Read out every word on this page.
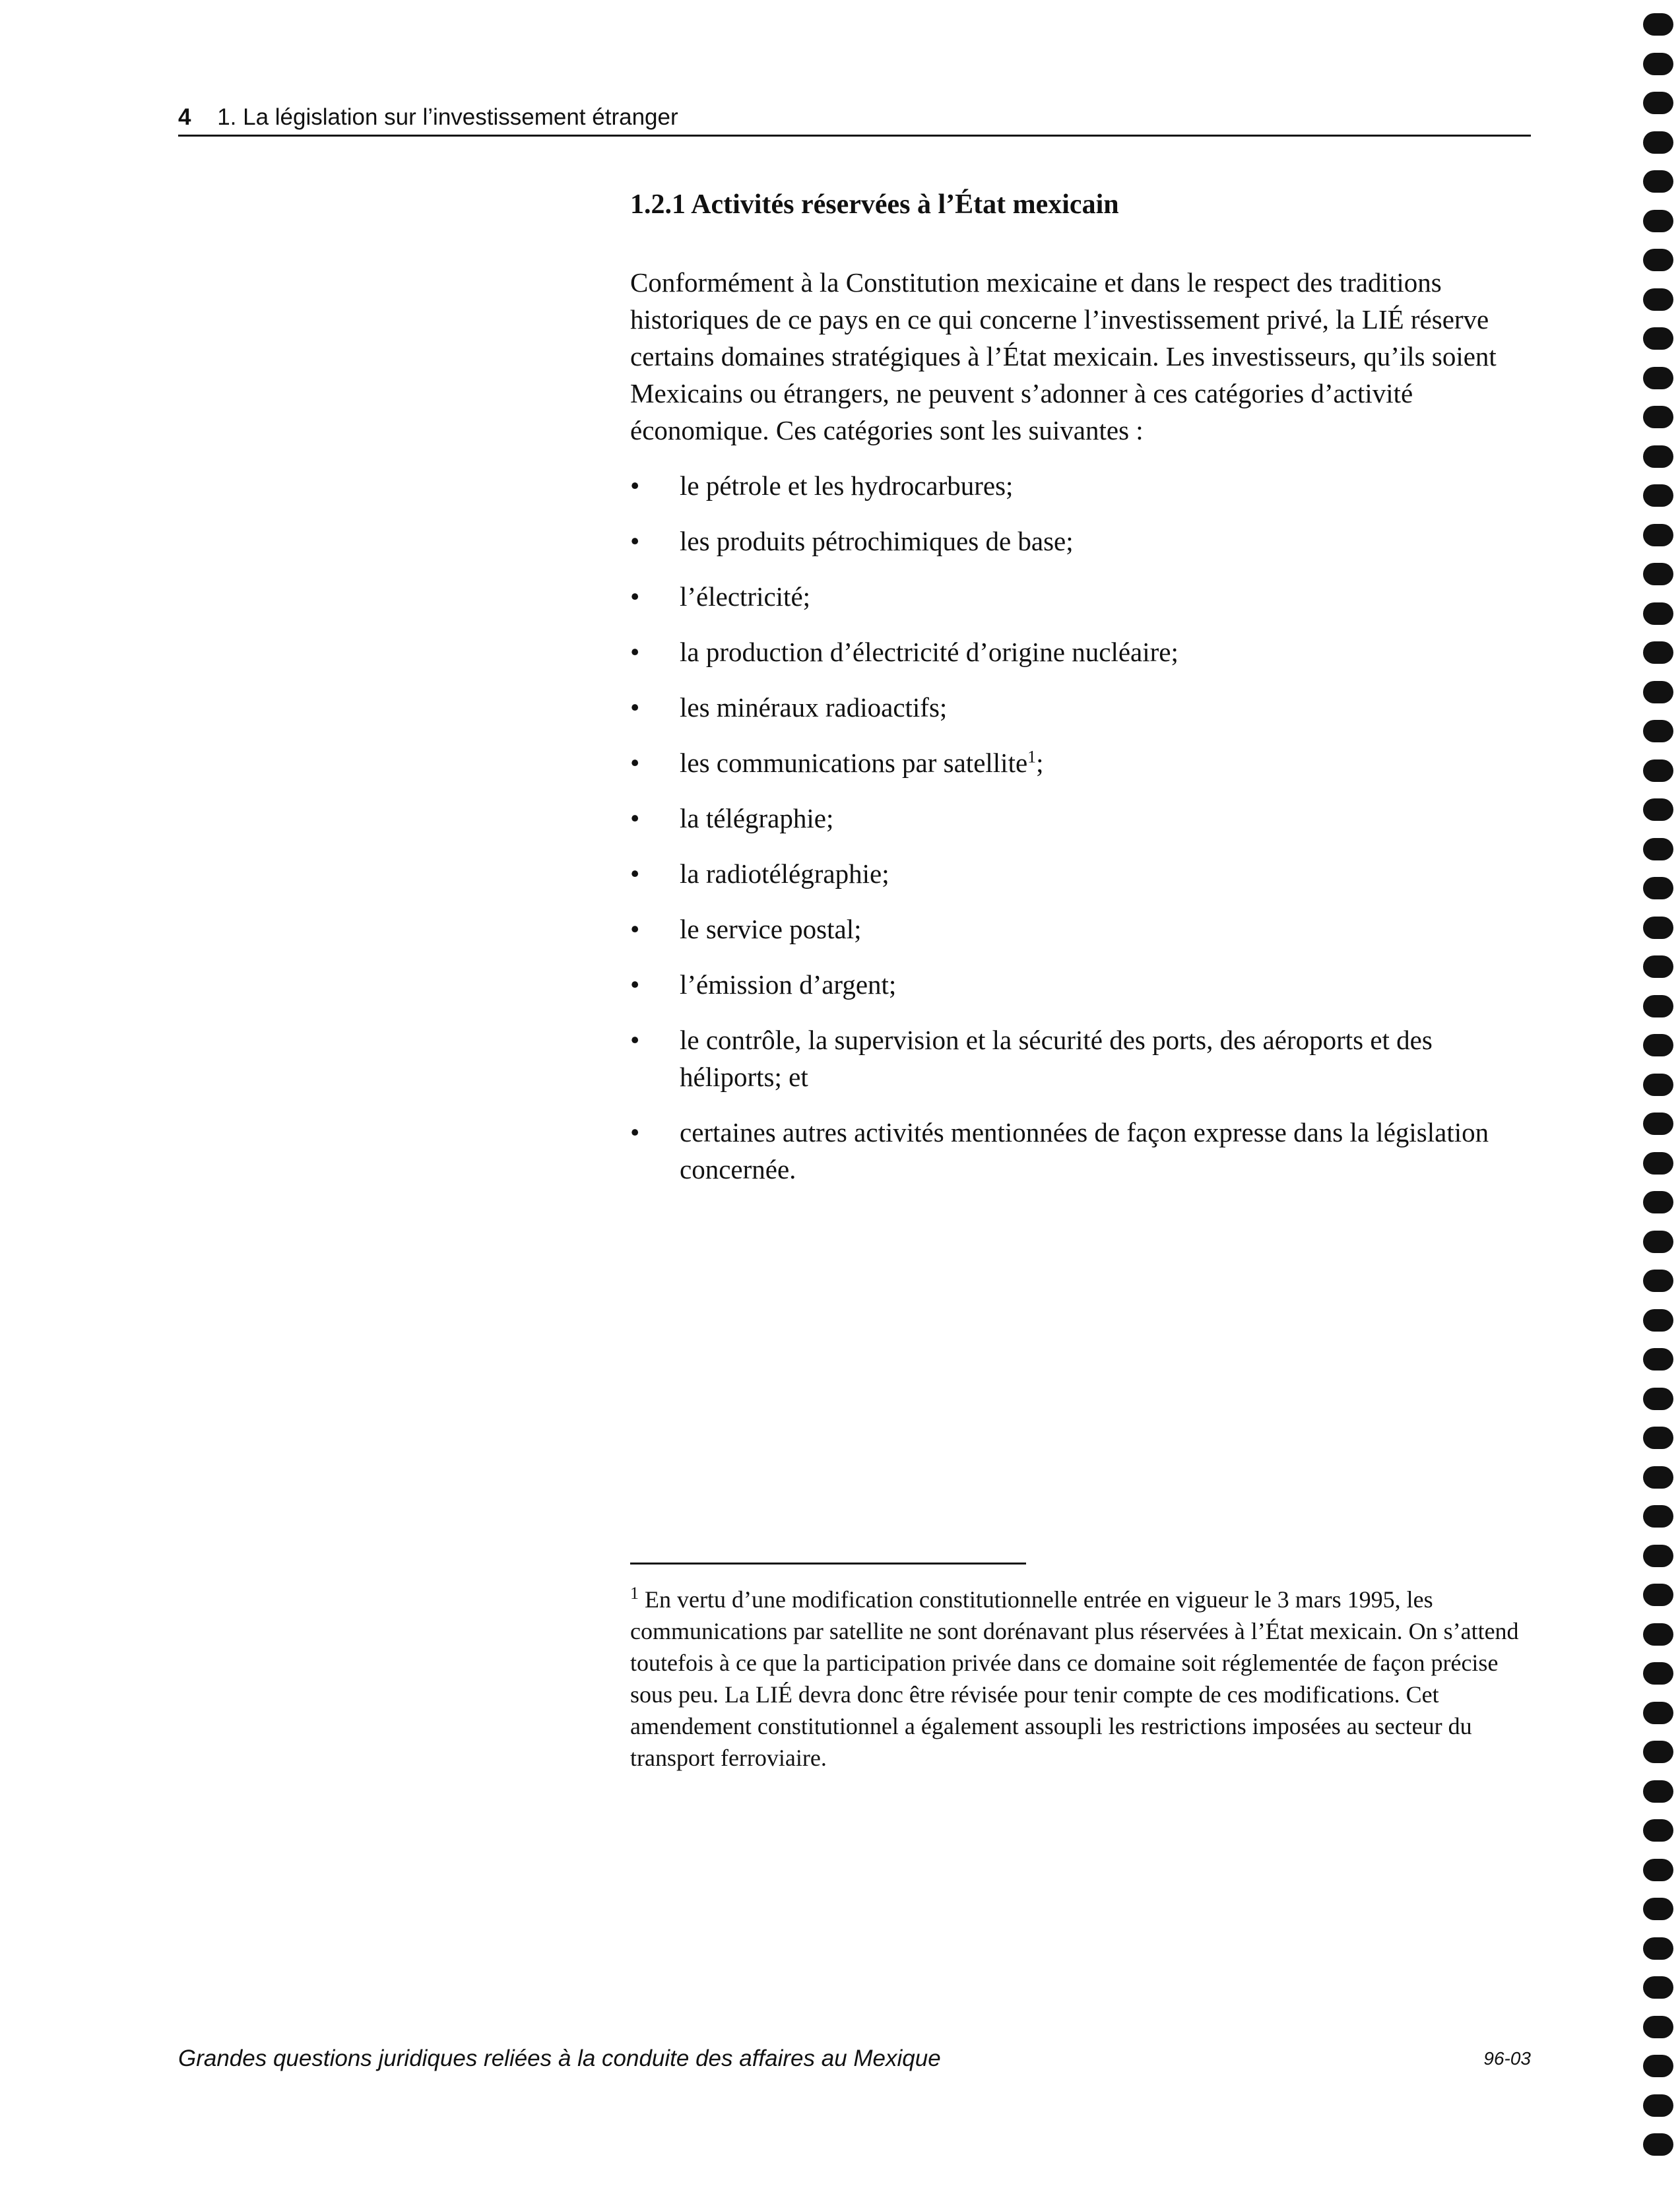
4 1. La législation sur l’investissement étranger
1.2.1 Activités réservées à l’État mexicain

Conformément à la Constitution mexicaine et dans le respect des traditions historiques de ce pays en ce qui concerne l’investissement privé, la LIÉ réserve certains domaines stratégiques à l’État mexicain. Les investisseurs, qu’ils soient Mexicains ou étrangers, ne peuvent s’adonner à ces catégories d’activité économique. Ces catégories sont les suivantes :

•	le pétrole et les hydrocarbures;
•	les produits pétrochimiques de base;
•	l’électricité;
•	la production d’électricité d’origine nucléaire;
•	les minéraux radioactifs;
•	les communications par satellite$^1$;
•	la télégraphie;
•	la radiotélégraphie;
•	le service postal;
•	l’émission d’argent;
•	le contrôle, la supervision et la sécurité des ports, des aéroports et des héliports; et
•	certaines autres activités mentionnées de façon expresse dans la législation concernée.
$^1$ En vertu d’une modification constitutionnelle entrée en vigueur le 3 mars 1995, les communications par satellite ne sont dorénavant plus réservées à l’État mexicain. On s’attend toutefois à ce que la participation privée dans ce domaine soit réglementée de façon précise sous peu. La LIÉ devra donc être révisée pour tenir compte de ces modifications. Cet amendement constitutionnel a également assoupli les restrictions imposées au secteur du transport ferroviaire.
Grandes questions juridiques reliées à la conduite des affaires au Mexique	96-03
